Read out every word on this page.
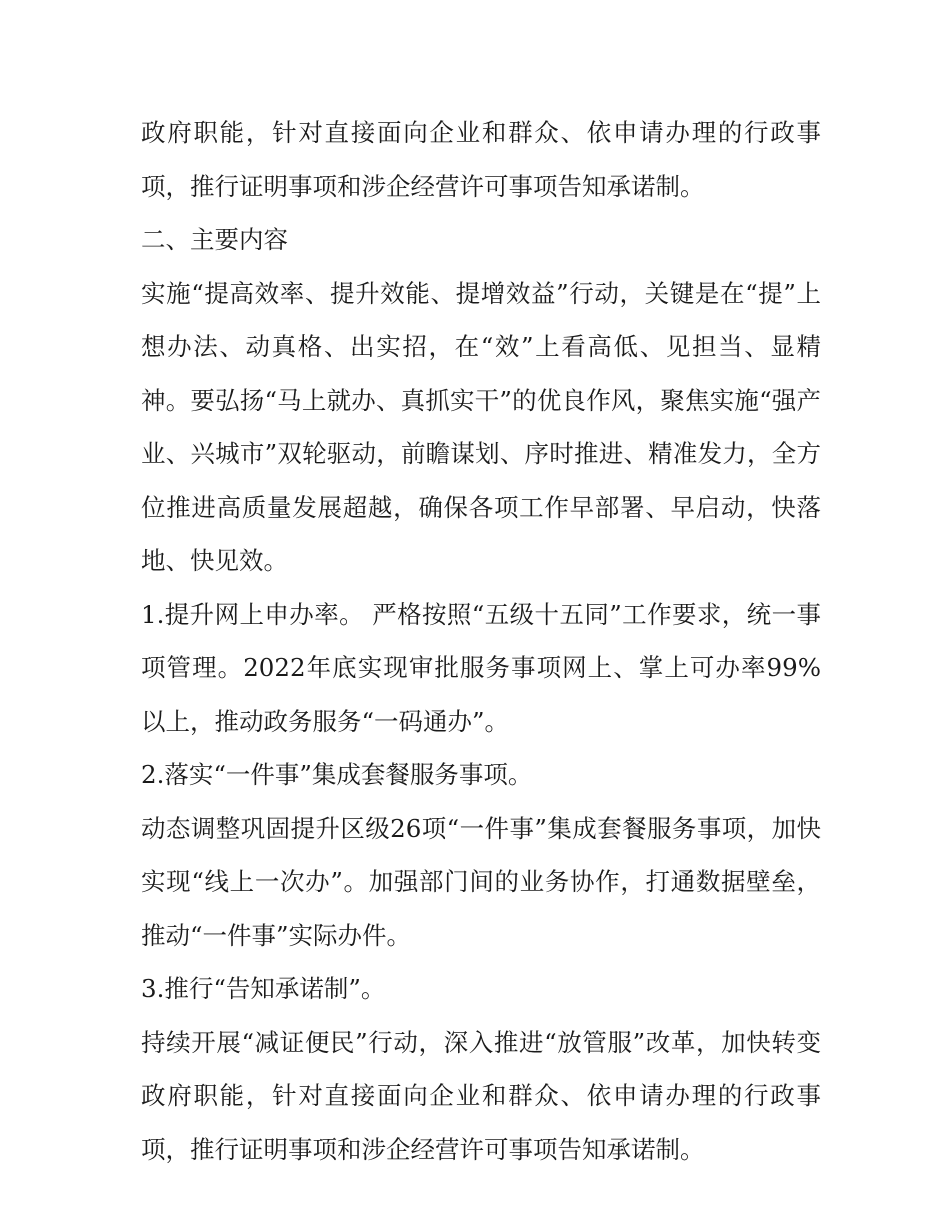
政府职能，针对直接面向企业和群众、依申请办理的行政事项，推行证明事项和涉企经营许可事项告知承诺制。

二、主要内容

实施“提高效率、提升效能、提增效益”行动，关键是在“提”上想办法、动真格、出实招，在“效”上看高低、见担当、显精神。要弘扬“马上就办、真抓实干”的优良作风，聚焦实施“强产业、兴城市”双轮驱动，前瞻谋划、序时推进、精准发力，全方位推进高质量发展超越，确保各项工作早部署、早启动，快落地、快见效。

1.提升网上申办率。 严格按照“五级十五同”工作要求，统一事项管理。2022年底实现审批服务事项网上、掌上可办率99%以上，推动政务服务“一码通办”。

2.落实“一件事”集成套餐服务事项。

动态调整巩固提升区级26项“一件事”集成套餐服务事项，加快实现“线上一次办”。加强部门间的业务协作，打通数据壁垒，推动“一件事”实际办件。

3.推行“告知承诺制”。

持续开展“减证便民”行动，深入推进“放管服”改革，加快转变政府职能，针对直接面向企业和群众、依申请办理的行政事项，推行证明事项和涉企经营许可事项告知承诺制。
